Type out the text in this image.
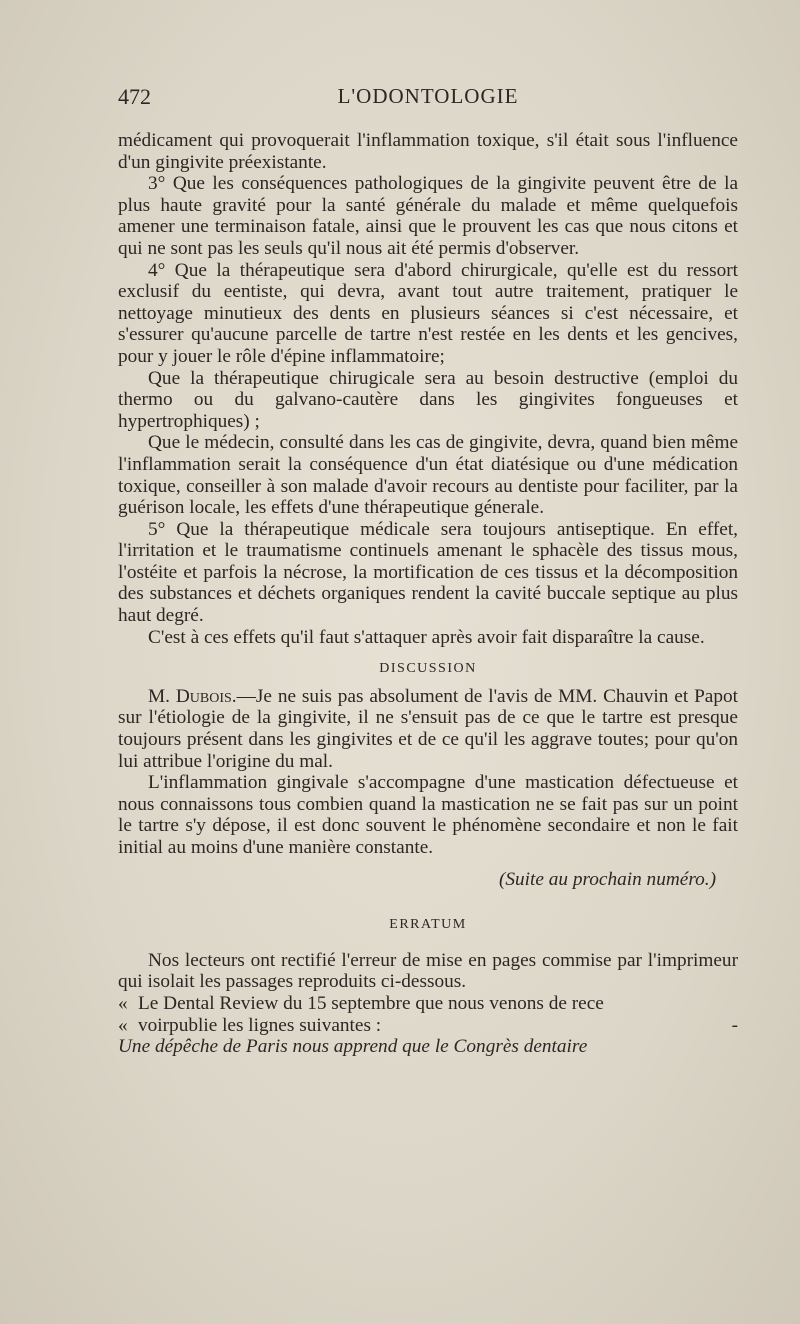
472	L'ODONTOLOGIE

médicament qui provoquerait l'inflammation toxique, s'il était sous l'influence d'un gingivite préexistante.

3° Que les conséquences pathologiques de la gingivite peuvent être de la plus haute gravité pour la santé générale du malade et même quelquefois amener une terminaison fatale, ainsi que le prouvent les cas que nous citons et qui ne sont pas les seuls qu'il nous ait été permis d'observer.

4° Que la thérapeutique sera d'abord chirurgicale, qu'elle est du ressort exclusif du eentiste, qui devra, avant tout autre traitement, pratiquer le nettoyage minutieux des dents en plusieurs séances si c'est nécessaire, et s'essurer qu'aucune parcelle de tartre n'est restée en les dents et les gencives, pour y jouer le rôle d'épine inflammatoire;

Que la thérapeutique chirugicale sera au besoin destructive (emploi du thermo ou du galvano-cautère dans les gingivites fongueuses et hypertrophiques) ;

Que le médecin, consulté dans les cas de gingivite, devra, quand bien même l'inflammation serait la conséquence d'un état diatésique ou d'une médication toxique, conseiller à son malade d'avoir recours au dentiste pour faciliter, par la guérison locale, les effets d'une thérapeutique génerale.

5° Que la thérapeutique médicale sera toujours antiseptique. En effet, l'irritation et le traumatisme continuels amenant le sphacèle des tissus mous, l'ostéite et parfois la nécrose, la mortification de ces tissus et la décomposition des substances et déchets organiques rendent la cavité buccale septique au plus haut degré.

C'est à ces effets qu'il faut s'attaquer après avoir fait disparaître la cause.

DISCUSSION

M. Dubois.—Je ne suis pas absolument de l'avis de MM. Chauvin et Papot sur l'étiologie de la gingivite, il ne s'ensuit pas de ce que le tartre est presque toujours présent dans les gingivites et de ce qu'il les aggrave toutes; pour qu'on lui attribue l'origine du mal.

L'inflammation gingivale s'accompagne d'une mastication défectueuse et nous connaissons tous combien quand la mastication ne se fait pas sur un point le tartre s'y dépose, il est donc souvent le phénomène secondaire et non le fait initial au moins d'une manière constante.

(Suite au prochain numéro.)

ERRATUM

Nos lecteurs ont rectifié l'erreur de mise en pages commise par l'imprimeur qui isolait les passages reproduits ci-dessous.

« Le Dental Review du 15 septembre que nous venons de rece

« voirpublie les lignes suivantes :	-

Une dépêche de Paris nous apprend que le Congrès dentaire
